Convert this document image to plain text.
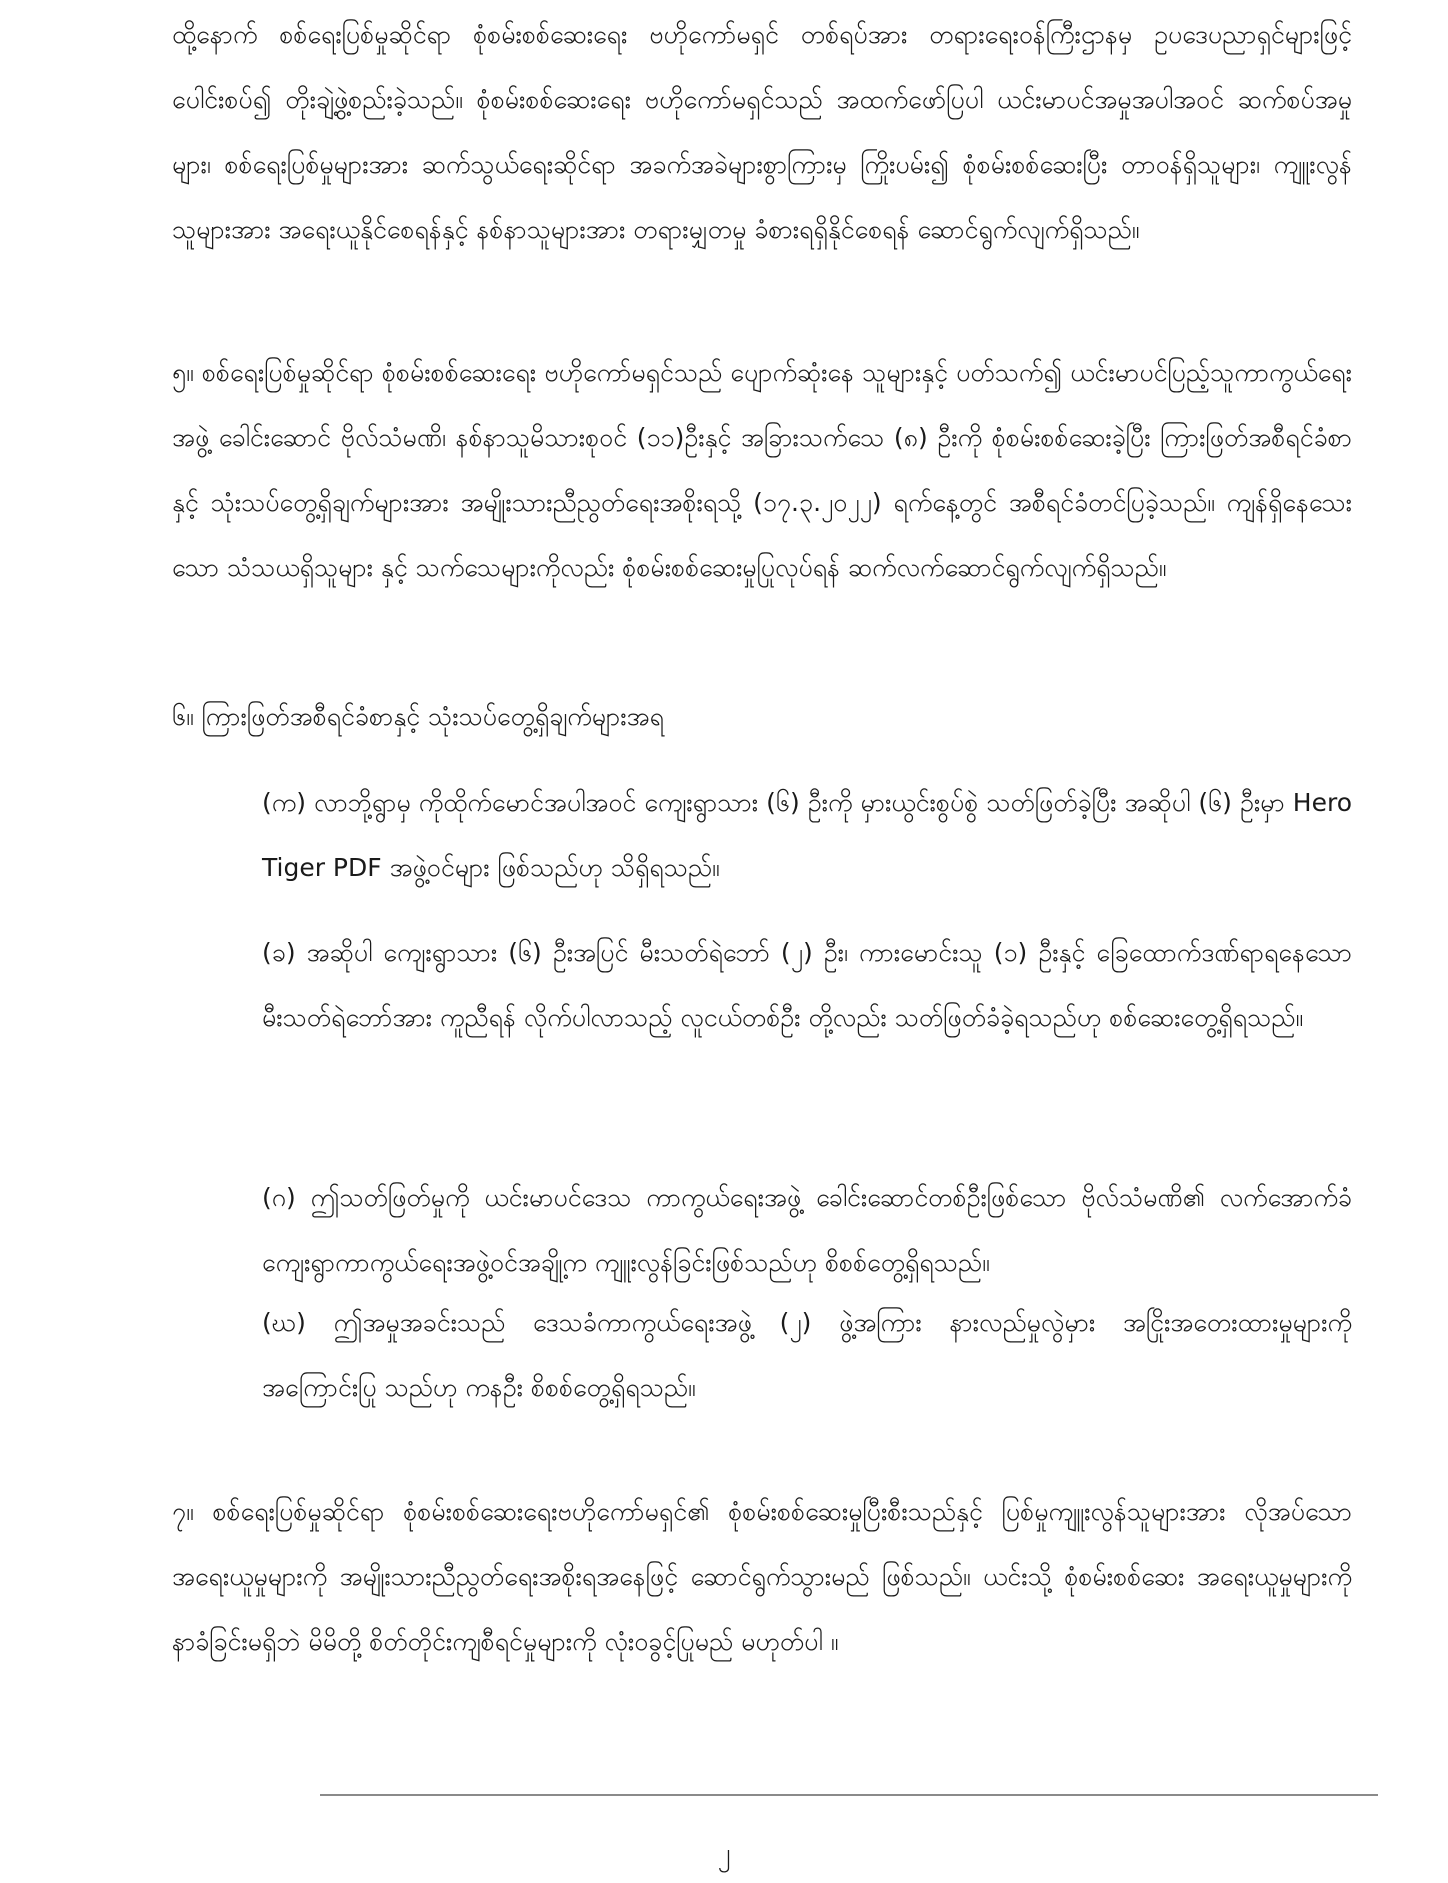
ထို့နောက် စစ်ရေးပြစ်မှုဆိုင်ရာ စုံစမ်းစစ်ဆေးရေး ဗဟိုကော်မရှင် တစ်ရပ်အား တရားရေးဝန်ကြီးဌာနမှ ဥပဒေပညာရှင်များဖြင့်ပေါင်းစပ်၍ တိုးချဲ့ဖွဲ့စည်းခဲ့သည်။ စုံစမ်းစစ်ဆေးရေး ဗဟိုကော်မရှင်သည် အထက်ဖော်ပြပါ ယင်းမာပင်အမှုအပါအဝင် ဆက်စပ်အမှုများ၊ စစ်ရေးပြစ်မှုများအား ဆက်သွယ်ရေးဆိုင်ရာ အခက်အခဲများစွာကြားမှ ကြိုးပမ်း၍ စုံစမ်းစစ်ဆေးပြီး တာဝန်ရှိသူများ၊ ကျူးလွန်သူများအား အရေးယူနိုင်စေရန်နှင့် နစ်နာသူများအား တရားမျှတမှု ခံစားရရှိနိုင်စေရန် ဆောင်ရွက်လျက်ရှိသည်။

၅။ စစ်ရေးပြစ်မှုဆိုင်ရာ စုံစမ်းစစ်ဆေးရေး ဗဟိုကော်မရှင်သည် ပျောက်ဆုံးနေ သူများနှင့် ပတ်သက်၍ ယင်းမာပင်ပြည့်သူကာကွယ်ရေးအဖွဲ့ ခေါင်းဆောင် ဗိုလ်သံမဏိ၊ နစ်နာသူမိသားစုဝင် (၁၁)ဦးနှင့် အခြားသက်သေ (၈) ဦးကို စုံစမ်းစစ်ဆေးခဲ့ပြီး ကြားဖြတ်အစီရင်ခံစာနှင့် သုံးသပ်တွေ့ရှိချက်များအား အမျိုးသားညီညွတ်ရေးအစိုးရသို့ (၁၇.၃.၂၀၂၂) ရက်နေ့တွင် အစီရင်ခံတင်ပြခဲ့သည်။ ကျန်ရှိနေသေးသော သံသယရှိသူများ နှင့် သက်သေများကိုလည်း စုံစမ်းစစ်ဆေးမှုပြုလုပ်ရန် ဆက်လက်ဆောင်ရွက်လျက်ရှိသည်။

၆။ ကြားဖြတ်အစီရင်ခံစာနှင့် သုံးသပ်တွေ့ရှိချက်များအရ

(က) လာဘို့ရွာမှ ကိုထိုက်မောင်အပါအဝင် ကျေးရွာသား (၆) ဦးကို မှားယွင်းစွပ်စွဲ သတ်ဖြတ်ခဲ့ပြီး အဆိုပါ (၆) ဦးမှာ Hero Tiger PDF အဖွဲ့ဝင်များ ဖြစ်သည်ဟု သိရှိရသည်။

(ခ) အဆိုပါ ကျေးရွာသား (၆) ဦးအပြင် မီးသတ်ရဲဘော် (၂) ဦး၊ ကားမောင်းသူ (၁) ဦးနှင့် ခြေထောက်ဒဏ်ရာရနေသော မီးသတ်ရဲဘော်အား ကူညီရန် လိုက်ပါလာသည့် လူငယ်တစ်ဦး တို့လည်း သတ်ဖြတ်ခံခဲ့ရသည်ဟု စစ်ဆေးတွေ့ရှိရသည်။

(ဂ) ဤသတ်ဖြတ်မှုကို ယင်းမာပင်ဒေသ ကာကွယ်ရေးအဖွဲ့ ခေါင်းဆောင်တစ်ဦးဖြစ်သော ဗိုလ်သံမဏိ၏ လက်အောက်ခံ ကျေးရွာကာကွယ်ရေးအဖွဲ့ဝင်အချို့က ကျူးလွန်ခြင်းဖြစ်သည်ဟု စိစစ်တွေ့ရှိရသည်။

(ဃ) ဤအမှုအခင်းသည် ဒေသခံကာကွယ်ရေးအဖွဲ့ (၂) ဖွဲ့အကြား နားလည်မှုလွဲမှား အငြိုးအတေးထားမှုများကို အကြောင်းပြု သည်ဟု ကနဦး စိစစ်တွေ့ရှိရသည်။

၇။ စစ်ရေးပြစ်မှုဆိုင်ရာ စုံစမ်းစစ်ဆေးရေးဗဟိုကော်မရှင်၏ စုံစမ်းစစ်ဆေးမှုပြီးစီးသည်နှင့် ပြစ်မှုကျူးလွန်သူများအား လိုအပ်သော အရေးယူမှုများကို အမျိုးသားညီညွတ်ရေးအစိုးရအနေဖြင့် ဆောင်ရွက်သွားမည် ဖြစ်သည်။ ယင်းသို့ စုံစမ်းစစ်ဆေး အရေးယူမှုများကို နာခံခြင်းမရှိဘဲ မိမိတို့ စိတ်တိုင်းကျစီရင်မှုများကို လုံးဝခွင့်ပြုမည် မဟုတ်ပါ ။

၂
